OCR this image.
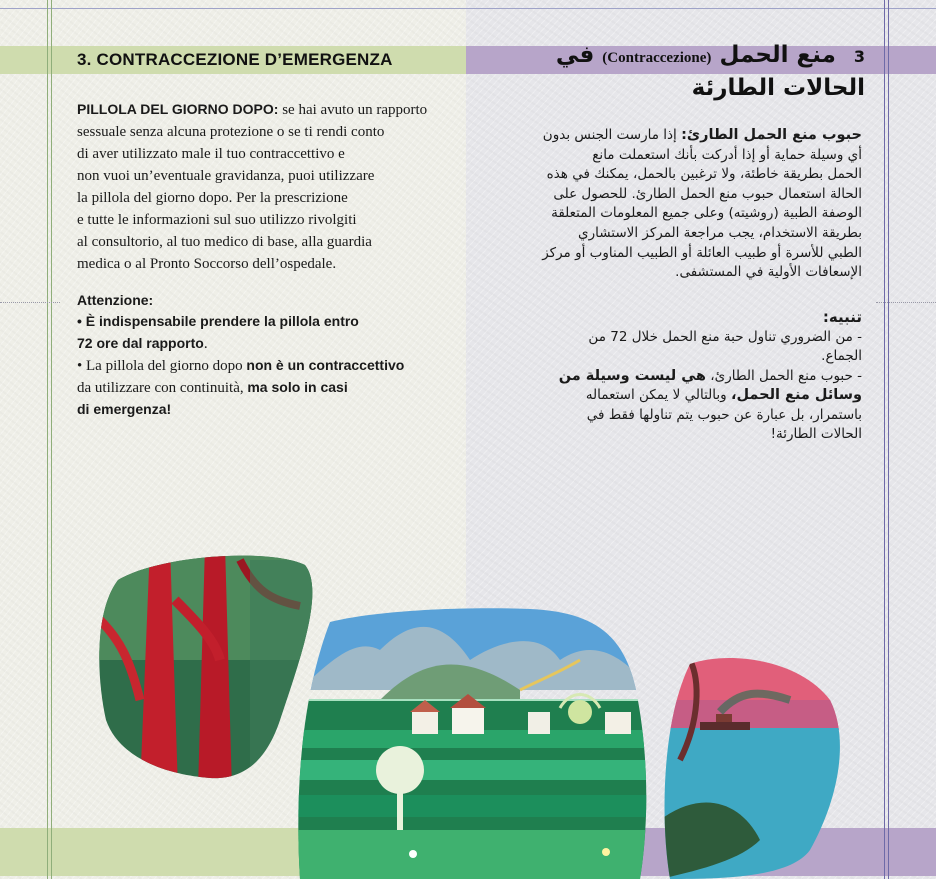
3. CONTRACCEZIONE D’EMERGENZA
PILLOLA DEL GIORNO DOPO: se hai avuto un rapporto
sessuale senza alcuna protezione o se ti rendi conto
di aver utilizzato male il tuo contraccettivo e
non vuoi un’eventuale gravidanza, puoi utilizzare
la pillola del giorno dopo. Per la prescrizione
e tutte le informazioni sul suo utilizzo rivolgiti
al consultorio, al tuo medico di base, alla guardia
medica o al Pronto Soccorso dell’ospedale.
Attenzione:
• È indispensabile prendere la pillola entro
72 ore dal rapporto.
• La pillola del giorno dopo non è un contraccettivo
da utilizzare con continuità, ma solo in casi
di emergenza!
3 منع الحمل (Contraccezione) في
الحالات الطارئة
حبوب منع الحمل الطارئ: إذا مارست الجنس بدون
أي وسيلة حماية أو إذا أدركت بأنك استعملت مانع
الحمل بطريقة خاطئة، ولا ترغبين بالحمل، يمكنك في هذه
الحالة استعمال حبوب منع الحمل الطارئ. للحصول على
الوصفة الطبية (روشيته) وعلى جميع المعلومات المتعلقة
بطريقة الاستخدام، يجب مراجعة المركز الاستشاري
الطبي للأسرة أو طبيب العائلة أو الطبيب المناوب أو مركز
الإسعافات الأولية في المستشفى.
تنبيه:
- من الضروري تناول حبة منع الحمل خلال 72 من
الجماع.
- حبوب منع الحمل الطارئ، هي ليست وسيلة من
وسائل منع الحمل، وبالتالي لا يمكن استعماله
باستمرار، بل عبارة عن حبوب يتم تناولها فقط في
الحالات الطارئة!
